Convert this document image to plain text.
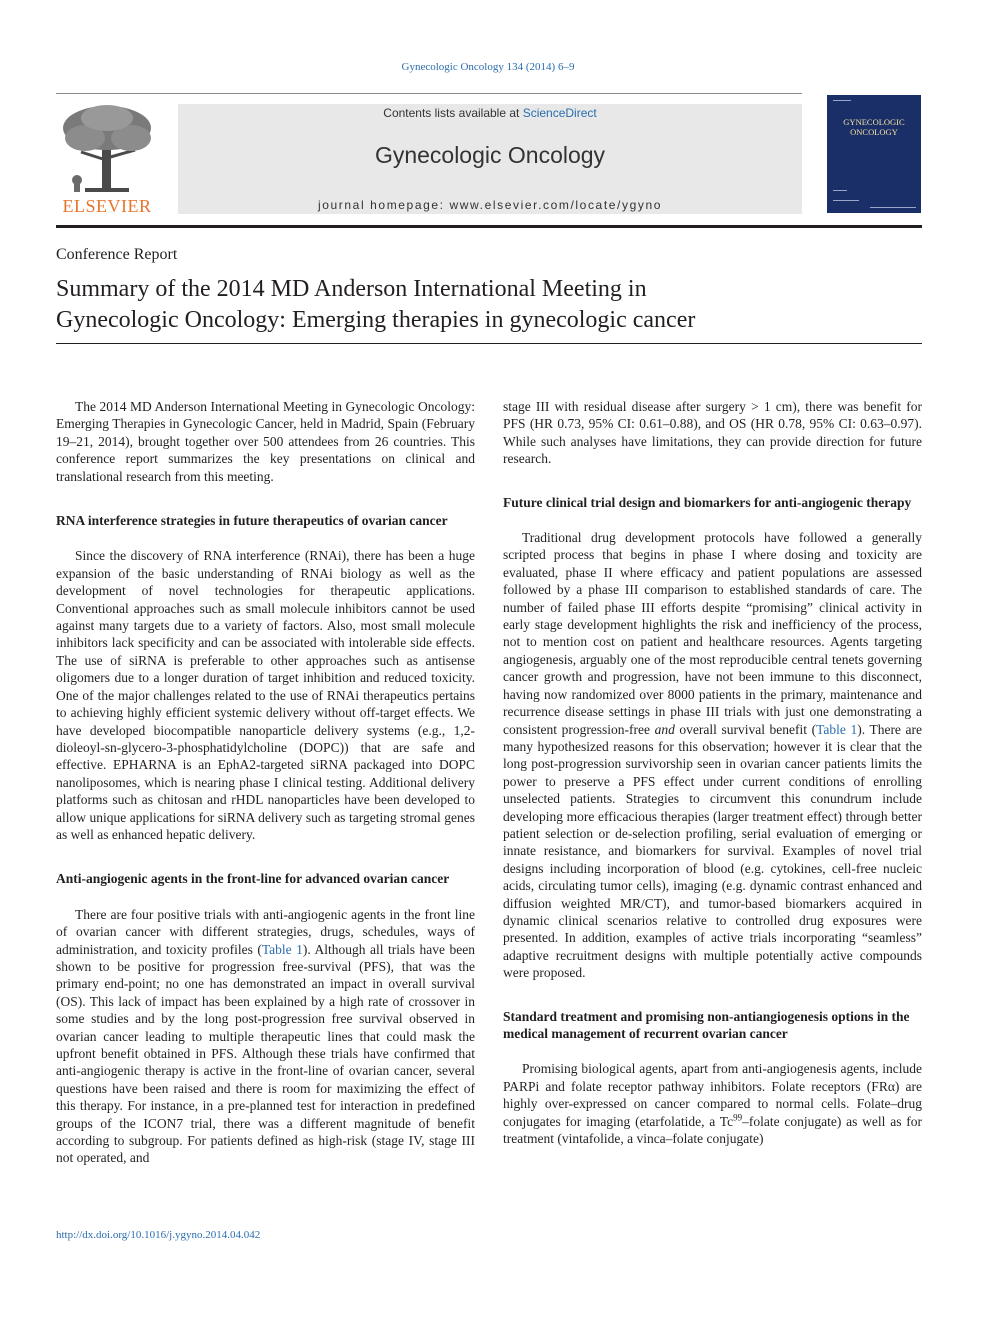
Gynecologic Oncology 134 (2014) 6–9
ELSEVIER
Contents lists available at ScienceDirect
Gynecologic Oncology
journal homepage: www.elsevier.com/locate/ygyno
GYNECOLOGIC
ONCOLOGY
Conference Report
Summary of the 2014 MD Anderson International Meeting in
Gynecologic Oncology: Emerging therapies in gynecologic cancer

The 2014 MD Anderson International Meeting in Gynecologic Oncology: Emerging Therapies in Gynecologic Cancer, held in Madrid, Spain (February 19–21, 2014), brought together over 500 attendees from 26 countries. This conference report summarizes the key presentations on clinical and translational research from this meeting.

RNA interference strategies in future therapeutics of ovarian cancer

Since the discovery of RNA interference (RNAi), there has been a huge expansion of the basic understanding of RNAi biology as well as the development of novel technologies for therapeutic applications. Conventional approaches such as small molecule inhibitors cannot be used against many targets due to a variety of factors. Also, most small molecule inhibitors lack specificity and can be associated with intolerable side effects. The use of siRNA is preferable to other approaches such as antisense oligomers due to a longer duration of target inhibition and reduced toxicity. One of the major challenges related to the use of RNAi therapeutics pertains to achieving highly efficient systemic delivery without off-target effects. We have developed biocompatible nanoparticle delivery systems (e.g., 1,2-dioleoyl-sn-glycero-3-phosphatidylcholine (DOPC)) that are safe and effective. EPHARNA is an EphA2-targeted siRNA packaged into DOPC nanoliposomes, which is nearing phase I clinical testing. Additional delivery platforms such as chitosan and rHDL nanoparticles have been developed to allow unique applications for siRNA delivery such as targeting stromal genes as well as enhanced hepatic delivery.

Anti-angiogenic agents in the front-line for advanced ovarian cancer

There are four positive trials with anti-angiogenic agents in the front line of ovarian cancer with different strategies, drugs, schedules, ways of administration, and toxicity profiles (Table 1). Although all trials have been shown to be positive for progression free-survival (PFS), that was the primary end-point; no one has demonstrated an impact in overall survival (OS). This lack of impact has been explained by a high rate of crossover in some studies and by the long post-progression free survival observed in ovarian cancer leading to multiple therapeutic lines that could mask the upfront benefit obtained in PFS. Although these trials have confirmed that anti-angiogenic therapy is active in the front-line of ovarian cancer, several questions have been raised and there is room for maximizing the effect of this therapy. For instance, in a pre-planned test for interaction in predefined groups of the ICON7 trial, there was a different magnitude of benefit according to subgroup. For patients defined as high-risk (stage IV, stage III not operated, and

stage III with residual disease after surgery > 1 cm), there was benefit for PFS (HR 0.73, 95% CI: 0.61–0.88), and OS (HR 0.78, 95% CI: 0.63–0.97). While such analyses have limitations, they can provide direction for future research.

Future clinical trial design and biomarkers for anti-angiogenic therapy

Traditional drug development protocols have followed a generally scripted process that begins in phase I where dosing and toxicity are evaluated, phase II where efficacy and patient populations are assessed followed by a phase III comparison to established standards of care. The number of failed phase III efforts despite “promising” clinical activity in early stage development highlights the risk and inefficiency of the process, not to mention cost on patient and healthcare resources. Agents targeting angiogenesis, arguably one of the most reproducible central tenets governing cancer growth and progression, have not been immune to this disconnect, having now randomized over 8000 patients in the primary, maintenance and recurrence disease settings in phase III trials with just one demonstrating a consistent progression-free and overall survival benefit (Table 1). There are many hypothesized reasons for this observation; however it is clear that the long post-progression survivorship seen in ovarian cancer patients limits the power to preserve a PFS effect under current conditions of enrolling unselected patients. Strategies to circumvent this conundrum include developing more efficacious therapies (larger treatment effect) through better patient selection or de-selection profiling, serial evaluation of emerging or innate resistance, and biomarkers for survival. Examples of novel trial designs including incorporation of blood (e.g. cytokines, cell-free nucleic acids, circulating tumor cells), imaging (e.g. dynamic contrast enhanced and diffusion weighted MR/CT), and tumor-based biomarkers acquired in dynamic clinical scenarios relative to controlled drug exposures were presented. In addition, examples of active trials incorporating “seamless” adaptive recruitment designs with multiple potentially active compounds were proposed.

Standard treatment and promising non-antiangiogenesis options in the medical management of recurrent ovarian cancer

Promising biological agents, apart from anti-angiogenesis agents, include PARPi and folate receptor pathway inhibitors. Folate receptors (FRα) are highly over-expressed on cancer compared to normal cells. Folate–drug conjugates for imaging (etarfolatide, a Tc$^{99}$–folate conjugate) as well as for treatment (vintafolide, a vinca–folate conjugate)

http://dx.doi.org/10.1016/j.ygyno.2014.04.042
